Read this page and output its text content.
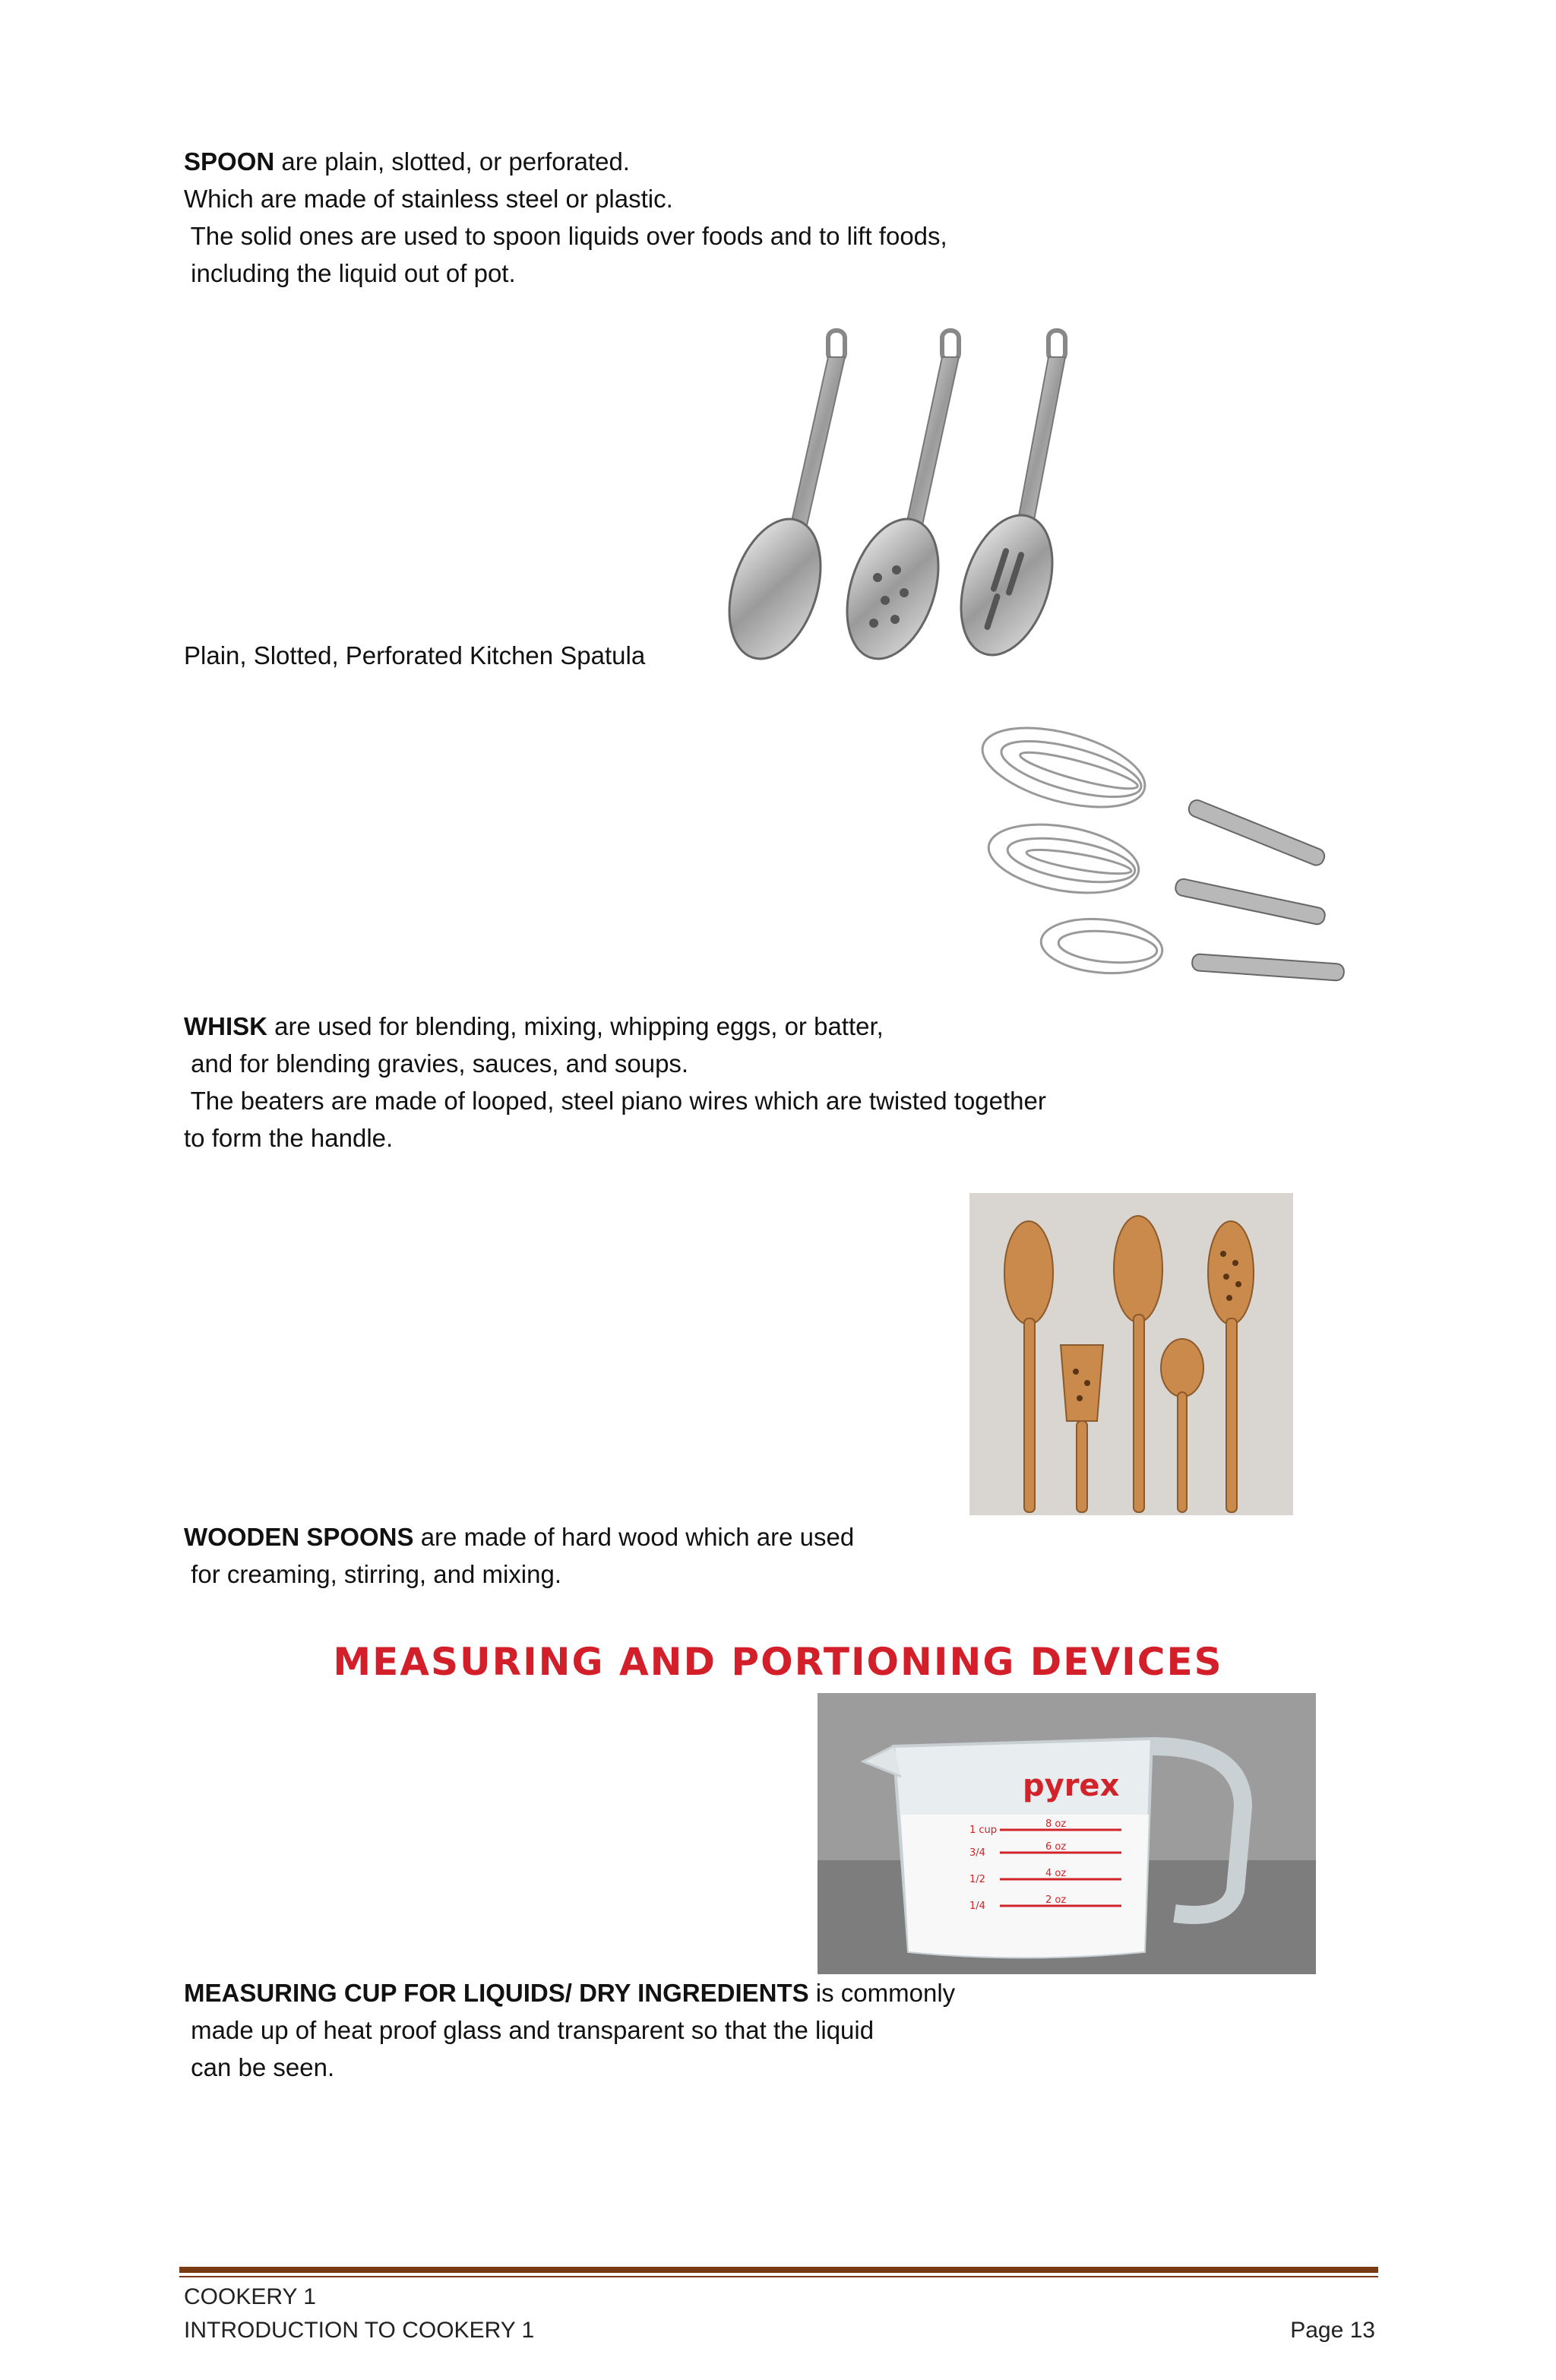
SPOON are plain, slotted, or perforated.
Which are made of stainless steel or plastic.
The solid ones are used to spoon liquids over foods and to lift foods,
including the liquid out of pot.
Plain, Slotted, Perforated Kitchen Spatula
WHISK are used for blending, mixing, whipping eggs, or batter,
and for blending gravies, sauces, and soups.
The beaters are made of looped, steel piano wires which are twisted together
to form the handle.
WOODEN SPOONS are made of hard wood which are used
for creaming, stirring, and mixing.
MEASURING AND PORTIONING DEVICES
pyrex
1 cup
3/4
1/2
1/4
8 oz
6 oz
4 oz
2 oz
MEASURING CUP FOR LIQUIDS/ DRY INGREDIENTS is commonly
made up of heat proof glass and transparent so that the liquid
can be seen.
COOKERY 1
INTRODUCTION TO COOKERY 1	Page 13
